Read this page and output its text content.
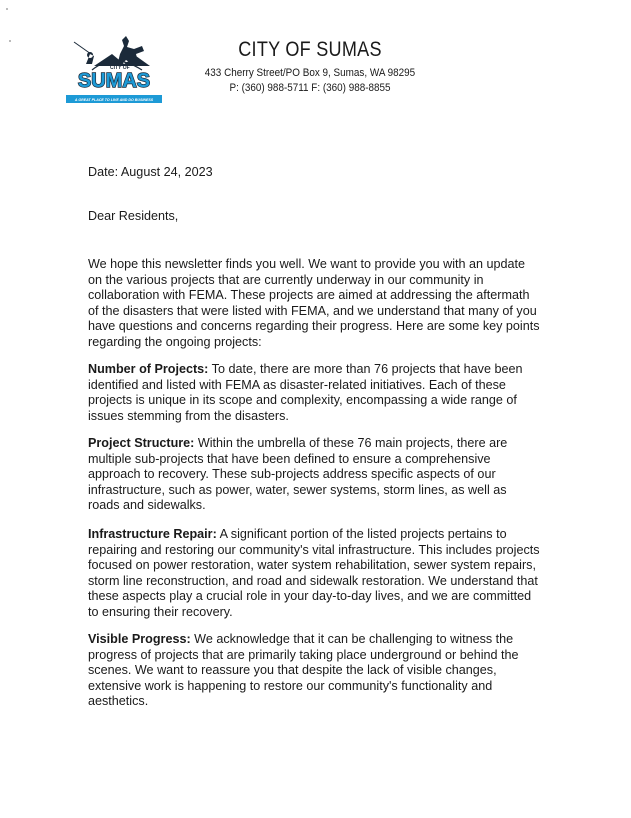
CITY OF
SUMAS
A GREAT PLACE TO LIVE AND DO BUSINESS
CITY OF SUMAS
433 Cherry Street/PO Box 9, Sumas, WA 98295
P: (360) 988-5711 F: (360) 988-8855
Date: August 24, 2023
Dear Residents,

We hope this newsletter finds you well. We want to provide you with an update on the various projects that are currently underway in our community in collaboration with FEMA. These projects are aimed at addressing the aftermath of the disasters that were listed with FEMA, and we understand that many of you have questions and concerns regarding their progress. Here are some key points regarding the ongoing projects:

Number of Projects: To date, there are more than 76 projects that have been identified and listed with FEMA as disaster-related initiatives. Each of these projects is unique in its scope and complexity, encompassing a wide range of issues stemming from the disasters.

Project Structure: Within the umbrella of these 76 main projects, there are multiple sub-projects that have been defined to ensure a comprehensive approach to recovery. These sub-projects address specific aspects of our infrastructure, such as power, water, sewer systems, storm lines, as well as roads and sidewalks.

Infrastructure Repair: A significant portion of the listed projects pertains to repairing and restoring our community's vital infrastructure. This includes projects focused on power restoration, water system rehabilitation, sewer system repairs, storm line reconstruction, and road and sidewalk restoration. We understand that these aspects play a crucial role in your day-to-day lives, and we are committed to ensuring their recovery.

Visible Progress: We acknowledge that it can be challenging to witness the progress of projects that are primarily taking place underground or behind the scenes. We want to reassure you that despite the lack of visible changes, extensive work is happening to restore our community's functionality and aesthetics.
